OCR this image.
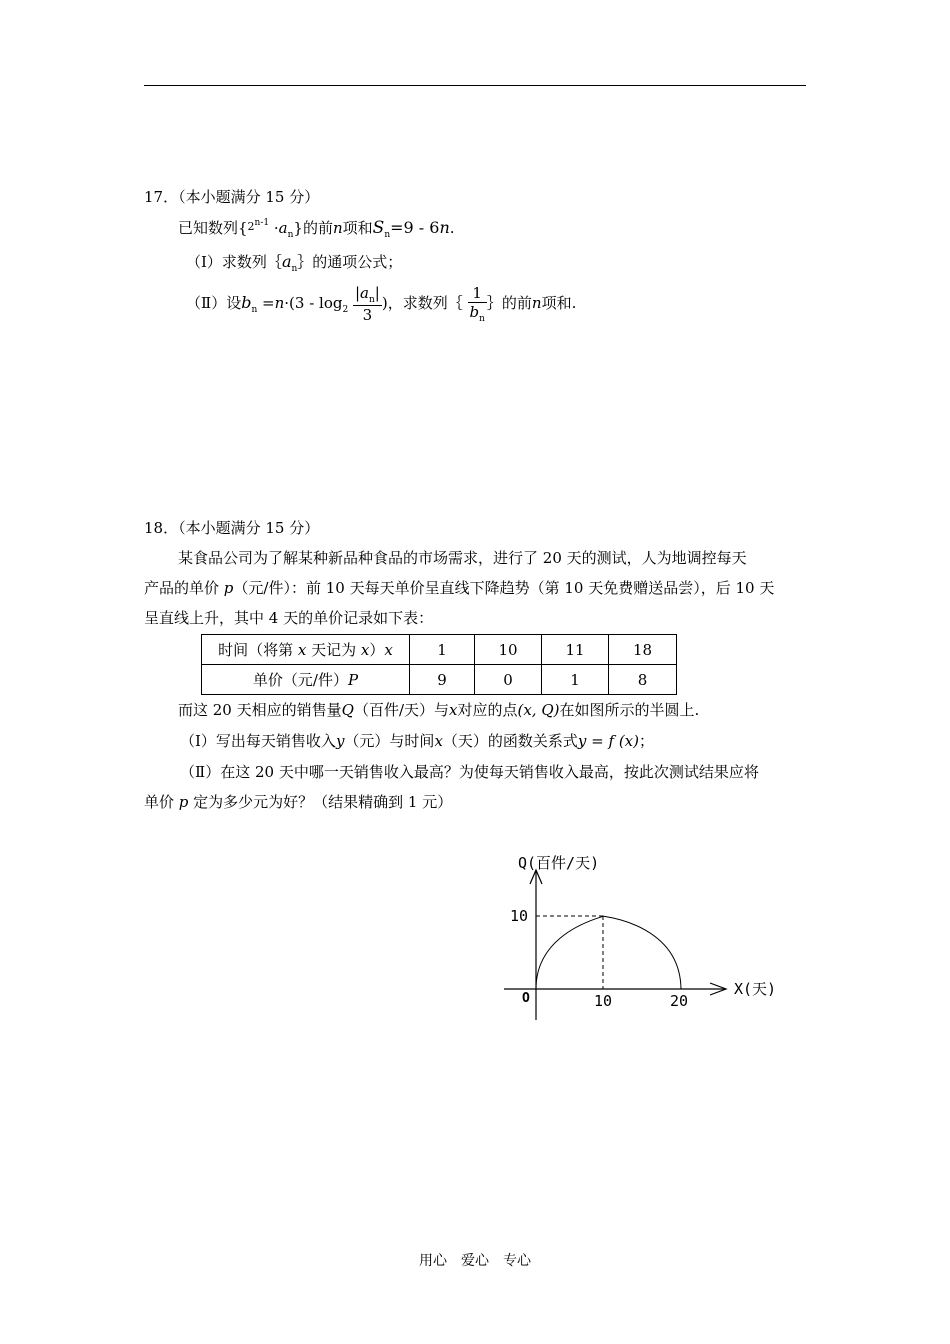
17．（本小题满分 15 分）
已知数列$\{^{2n-1} \cdot a_n\}$的前n项和$S_n=9 - 6n$.
（Ⅰ）求数列$\{a_n\}$的通项公式；
（Ⅱ）设$b_n =n\cdot(3 - \log_2 \frac{|a_n|}{3}$ )，求数列｛ $\frac{1}{b_n}$ ｝的前n项和.
18．（本小题满分 15 分）
某食品公司为了解某种新品种食品的市场需求，进行了 20 天的测试，人为地调控每天
产品的单价 p（元/件）：前 10 天每天单价呈直线下降趋势（第 10 天免费赠送品尝），后 10 天
呈直线上升，其中 4 天的单价记录如下表：
时间（将第 x 天记为 x）x	1	10	11	18
单价（元/件）P	9	0	1	8
而这 20 天相应的销售量Q（百件/天）与x对应的点(x, Q)在如图所示的半圆上.
（Ⅰ）写出每天销售收入y（元）与时间x（天）的函数关系式y = f (x)；
（Ⅱ）在这 20 天中哪一天销售收入最高？为使每天销售收入最高，按此次测试结果应将
单价 p 定为多少元为好？（结果精确到 1 元）
Q(百件/天)
X(天)
O
10
10	20
用心　爱心　专心
